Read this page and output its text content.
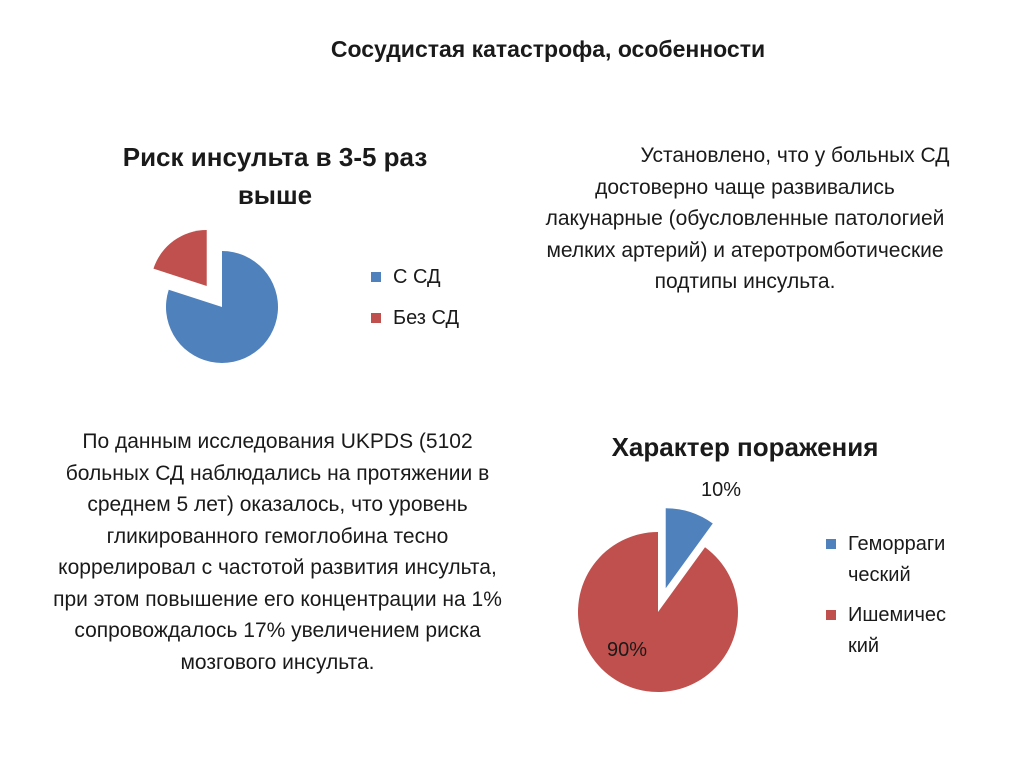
Сосудистая катастрофа, особенности
Риск инсульта в 3-5 раз выше
С СД
Без СД
Установлено, что у больных СД достоверно чаще развивались лакунарные (обусловленные патологией мелких артерий) и атеротромботические подтипы инсульта.
По данным исследования UKPDS (5102 больных СД наблюдались на протяжении в среднем 5 лет) оказалось, что уровень гликированного гемоглобина тесно коррелировал с частотой развития инсульта, при этом повышение его концентрации на 1% сопровождалось 17% увеличением риска мозгового инсульта.
Характер поражения
10%
90%
Геморраги ческий
Ишемичес кий
